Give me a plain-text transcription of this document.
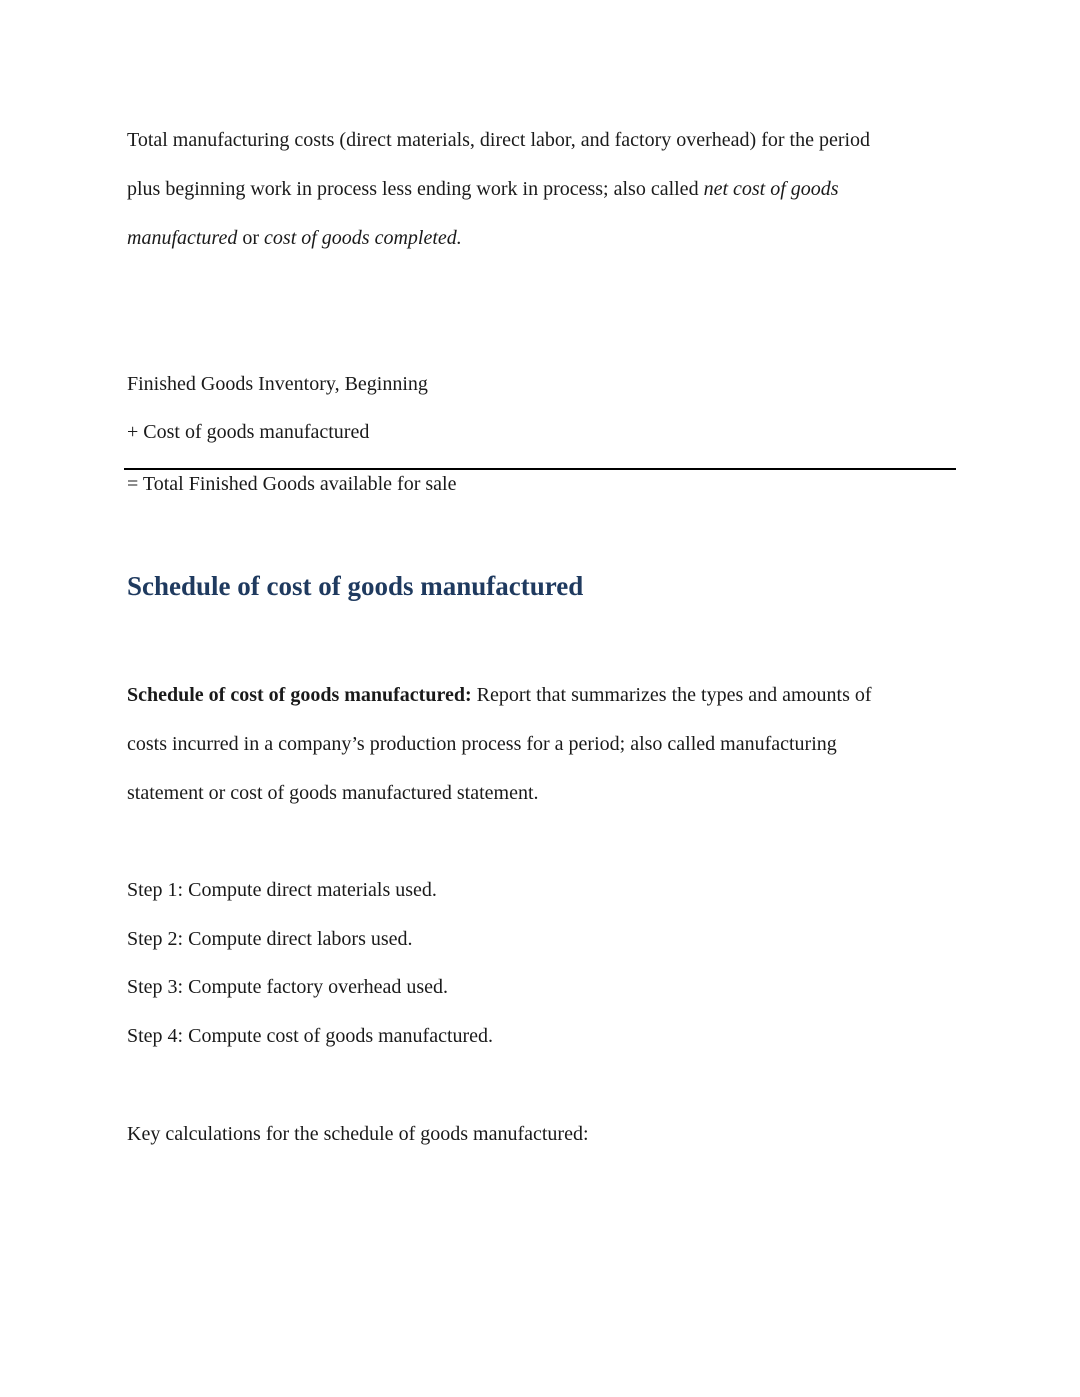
Total manufacturing costs (direct materials, direct labor, and factory overhead) for the period
plus beginning work in process less ending work in process; also called net cost of goods
manufactured or cost of goods completed.
Finished Goods Inventory, Beginning
+ Cost of goods manufactured
= Total Finished Goods available for sale
Schedule of cost of goods manufactured
Schedule of cost of goods manufactured: Report that summarizes the types and amounts of
costs incurred in a company’s production process for a period; also called manufacturing
statement or cost of goods manufactured statement.
Step 1: Compute direct materials used.
Step 2: Compute direct labors used.
Step 3: Compute factory overhead used.
Step 4: Compute cost of goods manufactured.
Key calculations for the schedule of goods manufactured:
